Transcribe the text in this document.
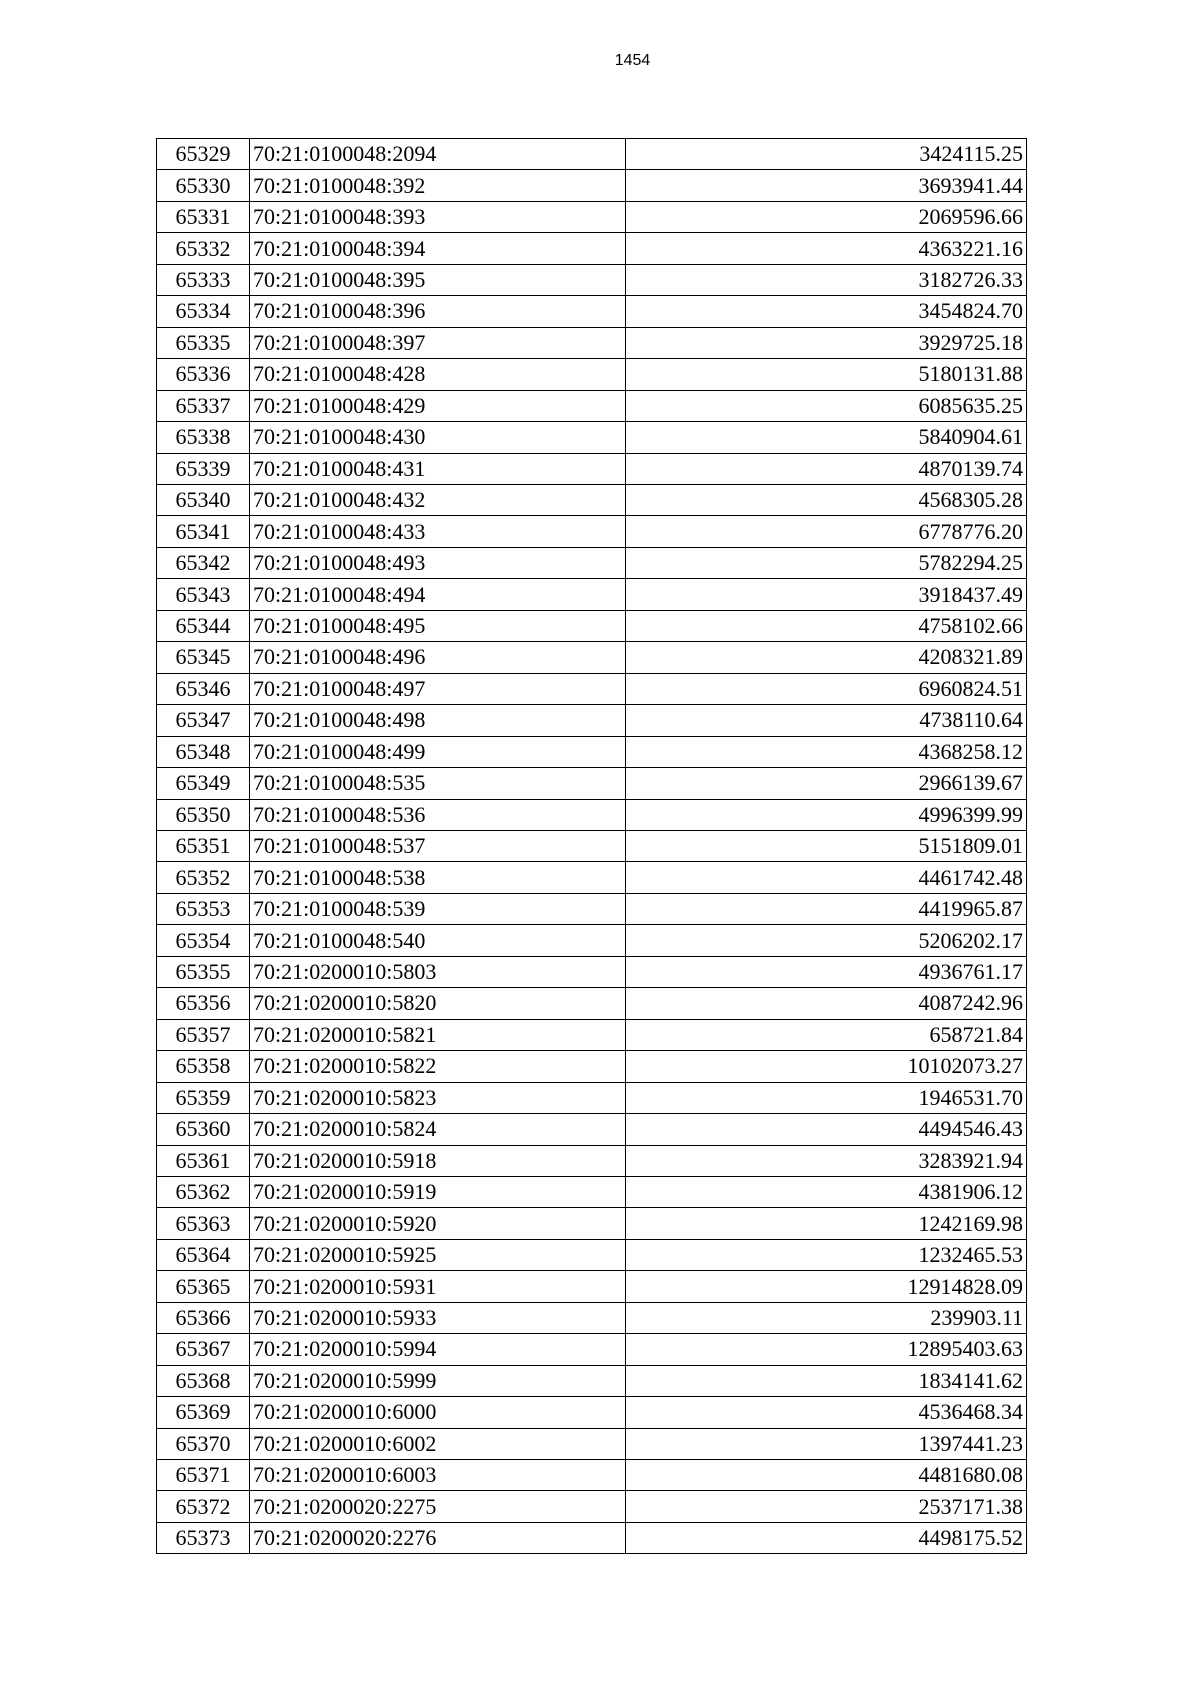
1454
65329	70:21:0100048:2094	3424115.25
65330	70:21:0100048:392	3693941.44
65331	70:21:0100048:393	2069596.66
65332	70:21:0100048:394	4363221.16
65333	70:21:0100048:395	3182726.33
65334	70:21:0100048:396	3454824.70
65335	70:21:0100048:397	3929725.18
65336	70:21:0100048:428	5180131.88
65337	70:21:0100048:429	6085635.25
65338	70:21:0100048:430	5840904.61
65339	70:21:0100048:431	4870139.74
65340	70:21:0100048:432	4568305.28
65341	70:21:0100048:433	6778776.20
65342	70:21:0100048:493	5782294.25
65343	70:21:0100048:494	3918437.49
65344	70:21:0100048:495	4758102.66
65345	70:21:0100048:496	4208321.89
65346	70:21:0100048:497	6960824.51
65347	70:21:0100048:498	4738110.64
65348	70:21:0100048:499	4368258.12
65349	70:21:0100048:535	2966139.67
65350	70:21:0100048:536	4996399.99
65351	70:21:0100048:537	5151809.01
65352	70:21:0100048:538	4461742.48
65353	70:21:0100048:539	4419965.87
65354	70:21:0100048:540	5206202.17
65355	70:21:0200010:5803	4936761.17
65356	70:21:0200010:5820	4087242.96
65357	70:21:0200010:5821	658721.84
65358	70:21:0200010:5822	10102073.27
65359	70:21:0200010:5823	1946531.70
65360	70:21:0200010:5824	4494546.43
65361	70:21:0200010:5918	3283921.94
65362	70:21:0200010:5919	4381906.12
65363	70:21:0200010:5920	1242169.98
65364	70:21:0200010:5925	1232465.53
65365	70:21:0200010:5931	12914828.09
65366	70:21:0200010:5933	239903.11
65367	70:21:0200010:5994	12895403.63
65368	70:21:0200010:5999	1834141.62
65369	70:21:0200010:6000	4536468.34
65370	70:21:0200010:6002	1397441.23
65371	70:21:0200010:6003	4481680.08
65372	70:21:0200020:2275	2537171.38
65373	70:21:0200020:2276	4498175.52
